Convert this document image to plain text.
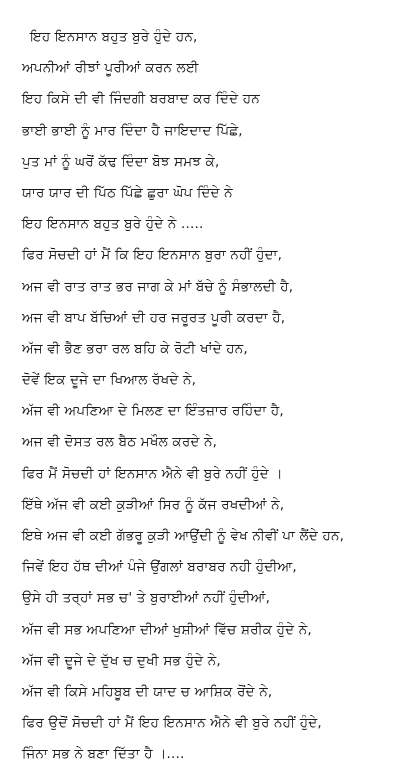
ਇਹ ਇਨਸਾਨ ਬਹੁਤ ਬੁਰੇ ਹੁੰਦੇ ਹਨ,
ਅਪਨੀਆਂ ਰੀਝਾਂ ਪੂਰੀਆਂ ਕਰਨ ਲਈ
ਇਹ ਕਿਸੇ ਦੀ ਵੀ ਜਿੰਦਗੀ ਬਰਬਾਦ ਕਰ ਦਿੰਦੇ ਹਨ
ਭਾਈ ਭਾਈ ਨੂੰ ਮਾਰ ਦਿੰਦਾ ਹੈ ਜਾਇਦਾਦ ਪਿੱਛੇ,
ਪੁਤ ਮਾਂ ਨੂੰ ਘਰੋਂ ਕੱਢ ਦਿੰਦਾ ਬੋਝ ਸਮਝ ਕੇ,
ਯਾਰ ਯਾਰ ਦੀ ਪਿੱਠ ਪਿੱਛੇ ਛੁਰਾ ਘੋਪ ਦਿੰਦੇ ਨੇ
ਇਹ ਇਨਸਾਨ ਬਹੁਤ ਬੁਰੇ ਹੁੰਦੇ ਨੇ .....
ਫਿਰ ਸੋਚਦੀ ਹਾਂ ਮੈਂ ਕਿ ਇਹ ਇਨਸਾਨ ਬੁਰਾ ਨਹੀਂ ਹੁੰਦਾ,
ਅਜ ਵੀ ਰਾਤ ਰਾਤ ਭਰ ਜਾਗ ਕੇ ਮਾਂ ਬੱਚੇ ਨੂੰ ਸੰਭਾਲਦੀ ਹੈ,
ਅਜ ਵੀ ਬਾਪ ਬੱਚਿਆਂ ਦੀ ਹਰ ਜਰੂਰਤ ਪੂਰੀ ਕਰਦਾ ਹੈ,
ਅੱਜ ਵੀ ਭੈਣ ਭਰਾ ਰਲ ਬਹਿ ਕੇ ਰੋਟੀ ਖਾਂਦੇ ਹਨ,
ਦੋਵੇਂ ਇਕ ਦੂਜੇ ਦਾ ਖਿਆਲ ਰੱਖਦੇ ਨੇ,
ਅੱਜ ਵੀ ਅਪਣਿਆ ਦੇ ਮਿਲਣ ਦਾ ਇੰਤਜ਼ਾਰ ਰਹਿੰਦਾ ਹੈ,
ਅਜ ਵੀ ਦੋਸਤ ਰਲ ਬੈਠ ਮਖੌਲ ਕਰਦੇ ਨੇ,
ਫਿਰ ਮੈਂ ਸੋਚਦੀ ਹਾਂ ਇਨਸਾਨ ਐਨੇ ਵੀ ਬੁਰੇ ਨਹੀਂ ਹੁੰਦੇ ।
ਇੱਥੇ ਅੱਜ ਵੀ ਕਈ ਕੁੜੀਆਂ ਸਿਰ ਨੂੰ ਕੱਜ ਰਖਦੀਆਂ ਨੇ,
ਇਥੇ ਅਜ ਵੀ ਕਈ ਗੱਭਰੂ ਕੁੜੀ ਆਉਂਦੀ ਨੂੰ ਵੇਖ ਨੀਵੀਂ ਪਾ ਲੈਂਦੇ ਹਨ,
ਜਿਵੇਂ ਇਹ ਹੱਥ ਦੀਆਂ ਪੰਜੇ ਉਂਗਲਾਂ ਬਰਾਬਰ ਨਹੀ ਹੁੰਦੀਆ,
ਉਸੇ ਹੀ ਤਰ੍ਹਾਂ ਸਭ ਚ' ਤੇ ਬੁਰਾਈਆਂ ਨਹੀਂ ਹੁੰਦੀਆਂ,
ਅੱਜ ਵੀ ਸਭ ਅਪਣਿਆ ਦੀਆਂ ਖੁਸ਼ੀਆਂ ਵਿੱਚ ਸ਼ਰੀਕ ਹੁੰਦੇ ਨੇ,
ਅੱਜ ਵੀ ਦੂਜੇ ਦੇ ਦੁੱਖ ਚ ਦੁਖੀ ਸਭ ਹੁੰਦੇ ਨੇ,
ਅੱਜ ਵੀ ਕਿਸੇ ਮਹਿਬੂਬ ਦੀ ਯਾਦ ਚ ਆਸ਼ਿਕ ਰੋਂਦੇ ਨੇ,
ਫਿਰ ਉਦੋਂ ਸੋਚਦੀ ਹਾਂ ਮੈਂ ਇਹ ਇਨਸਾਨ ਐਨੇ ਵੀ ਬੁਰੇ ਨਹੀਂ ਹੁੰਦੇ,
ਜਿੰਨਾ ਸਭ ਨੇ ਬਣਾ ਦਿੱਤਾ ਹੈ ।....
